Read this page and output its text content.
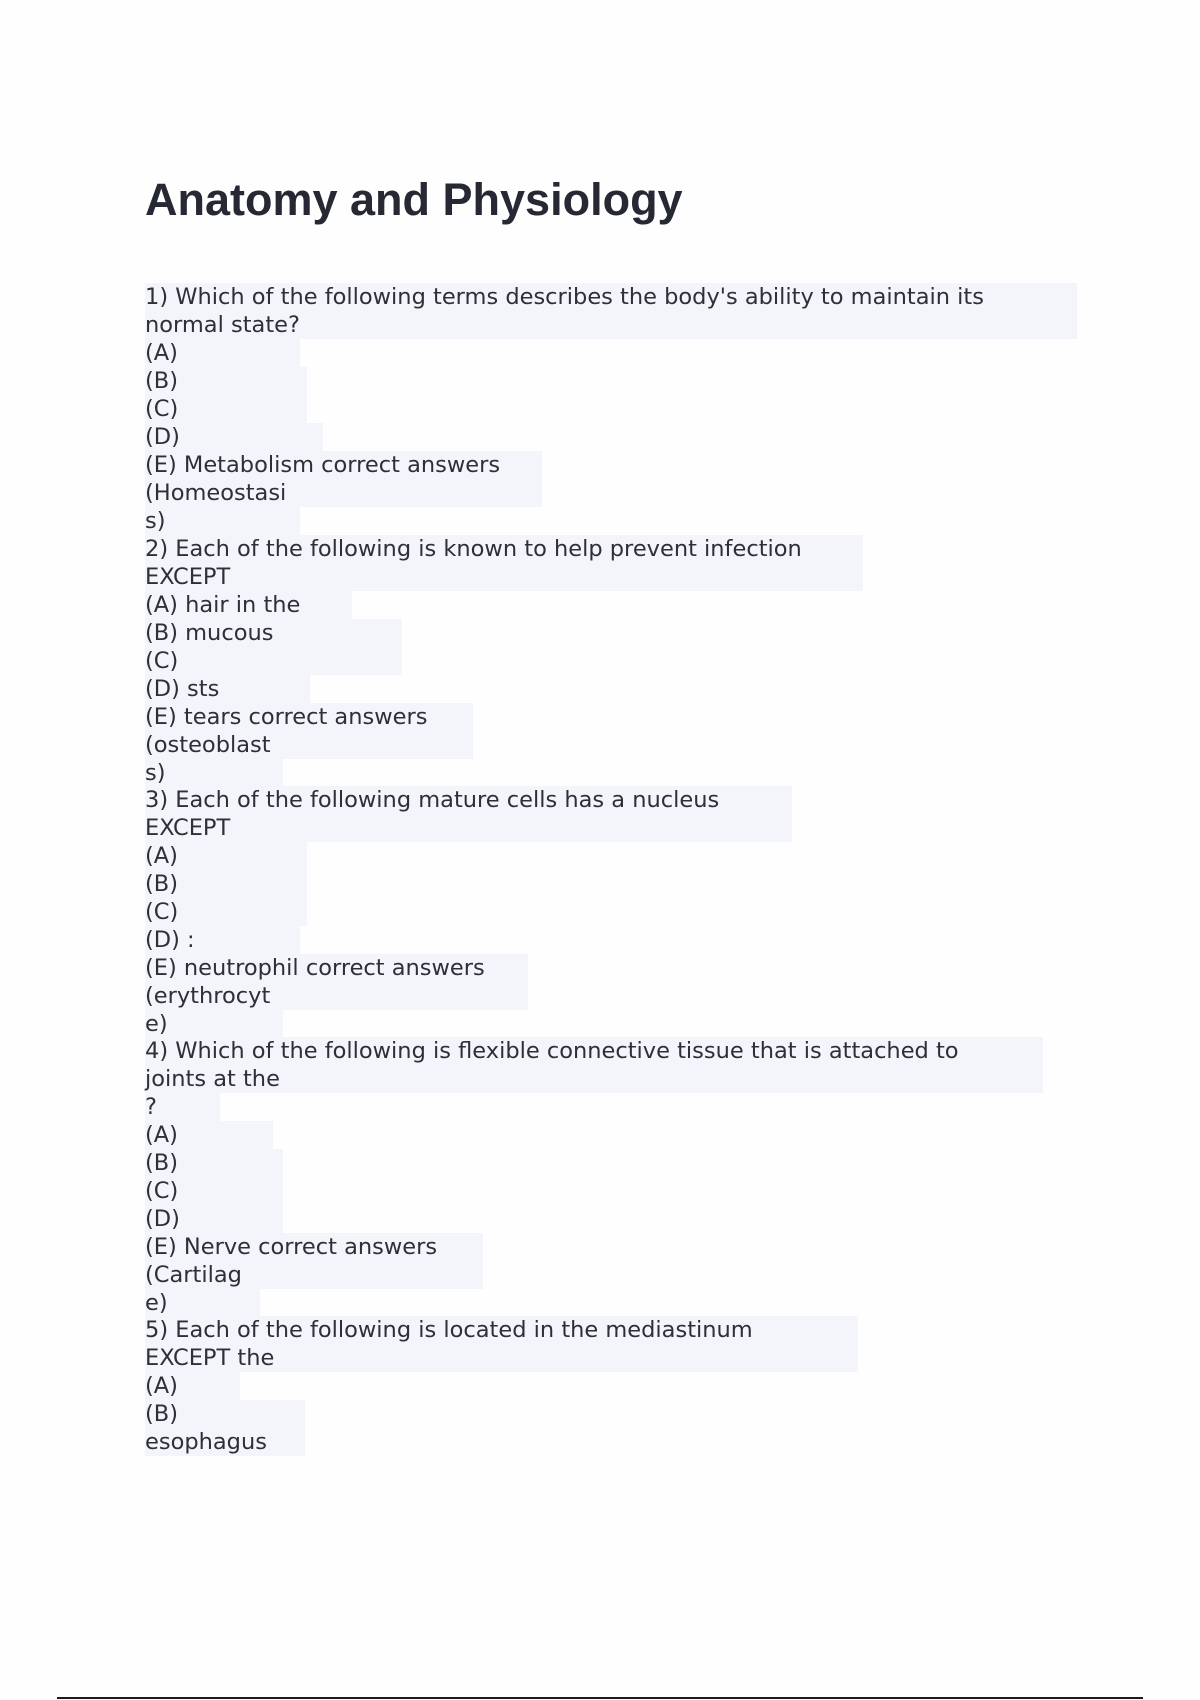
Anatomy and Physiology
1) Which of the following terms describes the body's ability to maintain its
normal state?
(A)
(B)
(C)
(D)
(E) Metabolism correct answers
(Homeostasi
s)
2) Each of the following is known to help prevent infection
EXCEPT
(A) hair in the
(B) mucous
(C)
(D) sts
(E) tears correct answers
(osteoblast
s)
3) Each of the following mature cells has a nucleus
EXCEPT
(A)
(B)
(C)
(D) :
(E) neutrophil correct answers
(erythrocyt
e)
4) Which of the following is flexible connective tissue that is attached to
joints at the
?
(A)
(B)
(C)
(D)
(E) Nerve correct answers
(Cartilag
e)
5) Each of the following is located in the mediastinum
EXCEPT the
(A)
(B)
esophagus
